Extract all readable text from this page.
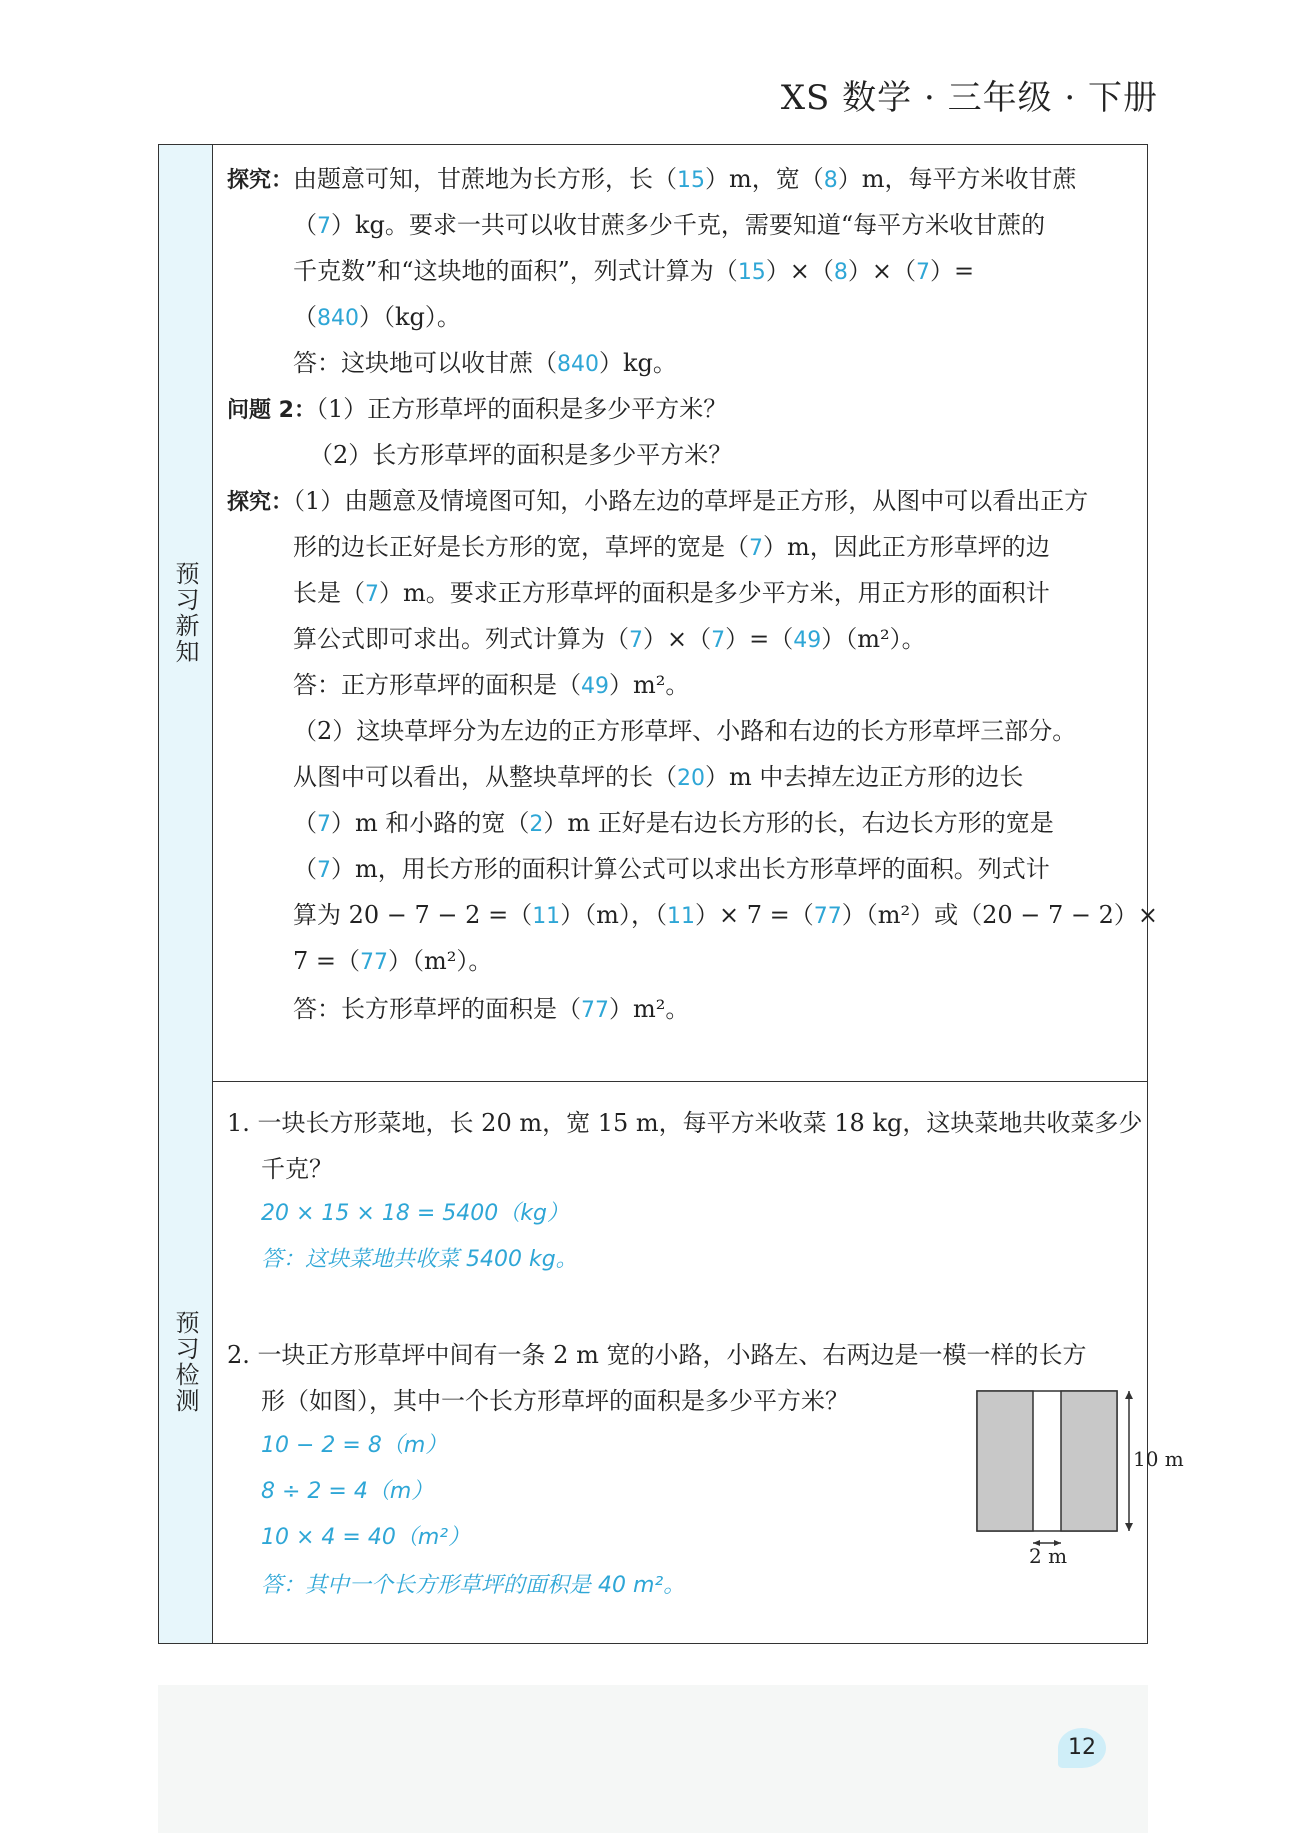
XS 数学 · 三年级 · 下册
预习新知
探究：由题意可知，甘蔗地为长方形，长（15）m，宽（8）m，每平方米收甘蔗
（7）kg。要求一共可以收甘蔗多少千克，需要知道“每平方米收甘蔗的
千克数”和“这块地的面积”，列式计算为（15）×（8）×（7）=
（840）（kg）。
答：这块地可以收甘蔗（840）kg。
问题 2：（1）正方形草坪的面积是多少平方米？
（2）长方形草坪的面积是多少平方米？
探究：（1）由题意及情境图可知，小路左边的草坪是正方形，从图中可以看出正方
形的边长正好是长方形的宽，草坪的宽是（7）m，因此正方形草坪的边
长是（7）m。要求正方形草坪的面积是多少平方米，用正方形的面积计
算公式即可求出。列式计算为（7）×（7）=（49）（m²）。
答：正方形草坪的面积是（49）m²。
（2）这块草坪分为左边的正方形草坪、小路和右边的长方形草坪三部分。
从图中可以看出，从整块草坪的长（20）m 中去掉左边正方形的边长
（7）m 和小路的宽（2）m 正好是右边长方形的长，右边长方形的宽是
（7）m，用长方形的面积计算公式可以求出长方形草坪的面积。列式计
算为 20 − 7 − 2 =（11）（m），（11）× 7 =（77）（m²）或（20 − 7 − 2）×
7 =（77）（m²）。
答：长方形草坪的面积是（77）m²。
预习检测
1. 一块长方形菜地，长 20 m，宽 15 m，每平方米收菜 18 kg，这块菜地共收菜多少
千克？
20 × 15 × 18 = 5400（kg）
答：这块菜地共收菜 5400 kg。
2. 一块正方形草坪中间有一条 2 m 宽的小路，小路左、右两边是一模一样的长方
形（如图），其中一个长方形草坪的面积是多少平方米？
10 − 2 = 8（m）
8 ÷ 2 = 4（m）
10 × 4 = 40（m²）
答：其中一个长方形草坪的面积是 40 m²。
10 m
2 m
12
